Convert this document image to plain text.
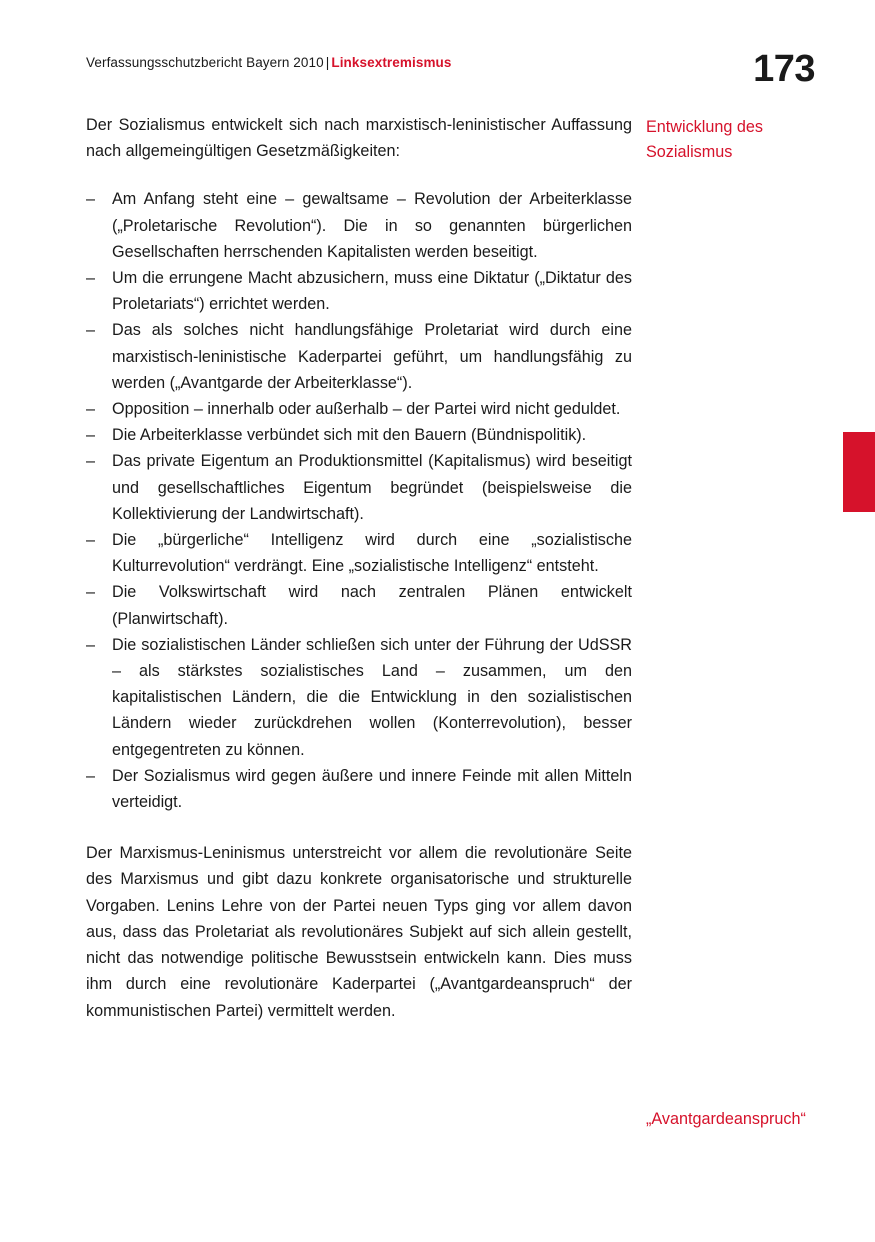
Verfassungsschutzbericht Bayern 2010 | Linksextremismus	173

Der Sozialismus entwickelt sich nach marxistisch-leninistischer Auffassung nach allgemeingültigen Gesetzmäßigkeiten:

– Am Anfang steht eine – gewaltsame – Revolution der Arbeiterklasse („Proletarische Revolution“). Die in so genannten bürgerlichen Gesellschaften herrschenden Kapitalisten werden beseitigt.
– Um die errungene Macht abzusichern, muss eine Diktatur („Diktatur des Proletariats“) errichtet werden.
– Das als solches nicht handlungsfähige Proletariat wird durch eine marxistisch-leninistische Kaderpartei geführt, um handlungsfähig zu werden („Avantgarde der Arbeiterklasse“).
– Opposition – innerhalb oder außerhalb – der Partei wird nicht geduldet.
– Die Arbeiterklasse verbündet sich mit den Bauern (Bündnispolitik).
– Das private Eigentum an Produktionsmittel (Kapitalismus) wird beseitigt und gesellschaftliches Eigentum begründet (beispielsweise die Kollektivierung der Landwirtschaft).
– Die „bürgerliche“ Intelligenz wird durch eine „sozialistische Kulturrevolution“ verdrängt. Eine „sozialistische Intelligenz“ entsteht.
– Die Volkswirtschaft wird nach zentralen Plänen entwickelt (Planwirtschaft).
– Die sozialistischen Länder schließen sich unter der Führung der UdSSR – als stärkstes sozialistisches Land – zusammen, um den kapitalistischen Ländern, die die Entwicklung in den sozialistischen Ländern wieder zurückdrehen wollen (Konterrevolution), besser entgegentreten zu können.
– Der Sozialismus wird gegen äußere und innere Feinde mit allen Mitteln verteidigt.

Der Marxismus-Leninismus unterstreicht vor allem die revolutionäre Seite des Marxismus und gibt dazu konkrete organisatorische und strukturelle Vorgaben. Lenins Lehre von der Partei neuen Typs ging vor allem davon aus, dass das Proletariat als revolutionäres Subjekt auf sich allein gestellt, nicht das notwendige politische Bewusstsein entwickeln kann. Dies muss ihm durch eine revolutionäre Kaderpartei („Avantgardeanspruch“ der kommunistischen Partei) vermittelt werden.

Entwicklung des Sozialismus
„Avantgardeanspruch“
